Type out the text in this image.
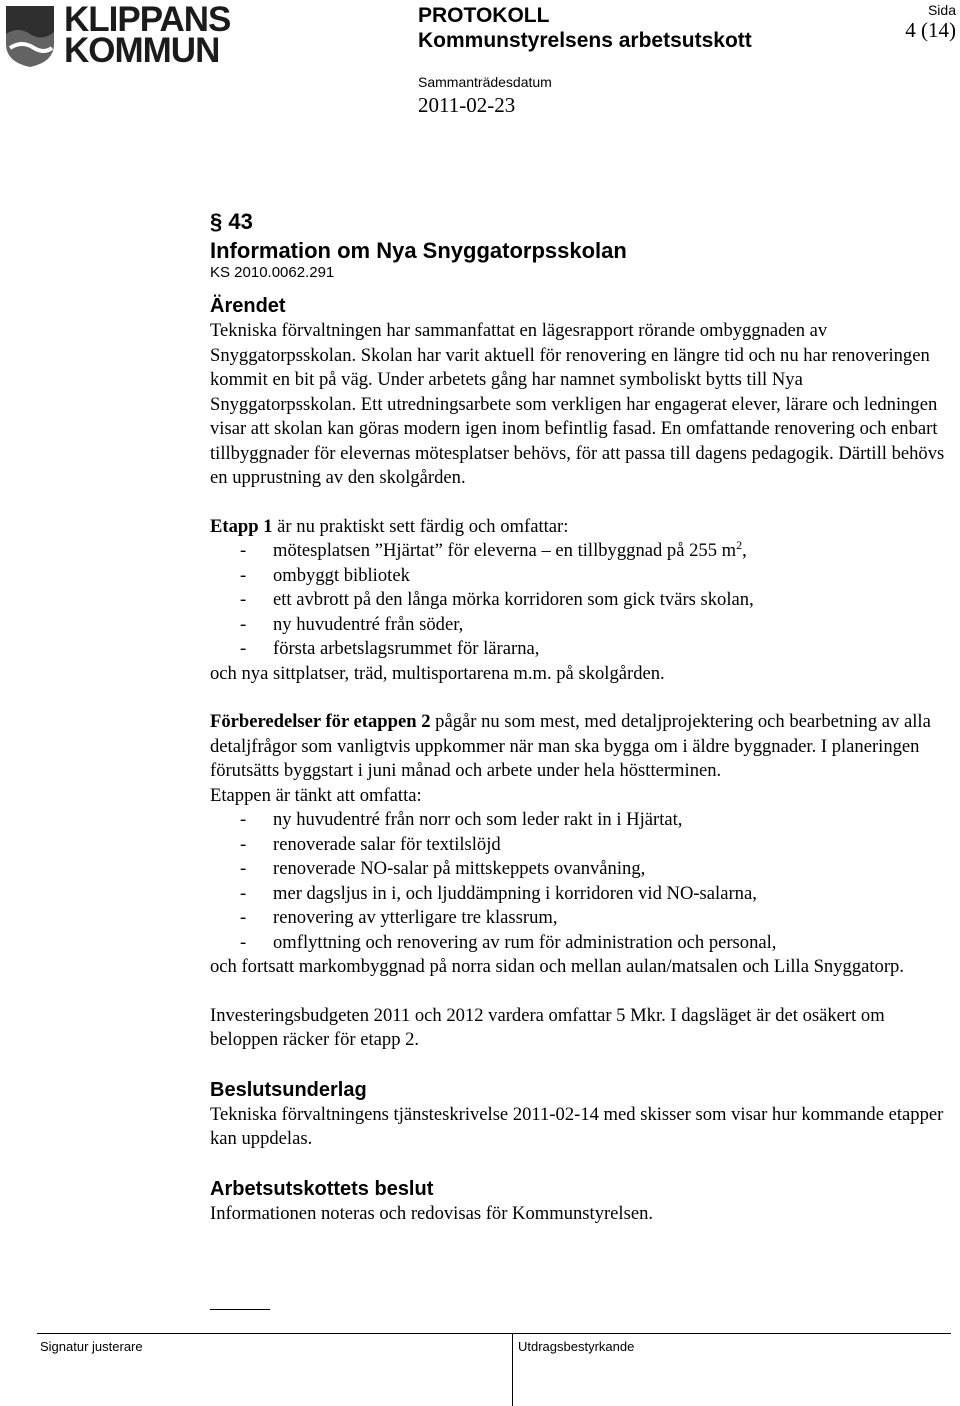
KLIPPANS
KOMMUN
PROTOKOLL
Kommunstyrelsens arbetsutskott
Sida
4 (14)
Sammanträdesdatum
2011-02-23
§ 43
Information om Nya Snyggatorpsskolan
KS 2010.0062.291
Ärendet

Tekniska förvaltningen har sammanfattat en lägesrapport rörande ombyggnaden av Snyggatorpsskolan. Skolan har varit aktuell för renovering en längre tid och nu har renoveringen kommit en bit på väg. Under arbetets gång har namnet symboliskt bytts till Nya Snyggatorpsskolan. Ett utredningsarbete som verkligen har engagerat elever, lärare och ledningen visar att skolan kan göras modern igen inom befintlig fasad. En omfattande renovering och enbart tillbyggnader för elevernas mötesplatser behövs, för att passa till dagens pedagogik. Därtill behövs en upprustning av den skolgården.

Etapp 1 är nu praktiskt sett färdig och omfattar:

- mötesplatsen ”Hjärtat” för eleverna – en tillbyggnad på 255 $m^2$,
- ombyggt bibliotek
- ett avbrott på den långa mörka korridoren som gick tvärs skolan,
- ny huvudentré från söder,
- första arbetslagsrummet för lärarna,

och nya sittplatser, träd, multisportarena m.m. på skolgården.

Förberedelser för etappen 2 pågår nu som mest, med detaljprojektering och bearbetning av alla detaljfrågor som vanligtvis uppkommer när man ska bygga om i äldre byggnader. I planeringen förutsätts byggstart i juni månad och arbete under hela höstterminen.

Etappen är tänkt att omfatta:

- ny huvudentré från norr och som leder rakt in i Hjärtat,
- renoverade salar för textilslöjd
- renoverade NO-salar på mittskeppets ovanvåning,
- mer dagsljus in i, och ljuddämpning i korridoren vid NO-salarna,
- renovering av ytterligare tre klassrum,
- omflyttning och renovering av rum för administration och personal,

och fortsatt markombyggnad på norra sidan och mellan aulan/matsalen och Lilla Snyggatorp.

Investeringsbudgeten 2011 och 2012 vardera omfattar 5 Mkr. I dagsläget är det osäkert om beloppen räcker för etapp 2.

Beslutsunderlag

Tekniska förvaltningens tjänsteskrivelse 2011-02-14 med skisser som visar hur kommande etapper kan uppdelas.

Arbetsutskottets beslut

Informationen noteras och redovisas för Kommunstyrelsen.

Signatur justerare	Utdragsbestyrkande
